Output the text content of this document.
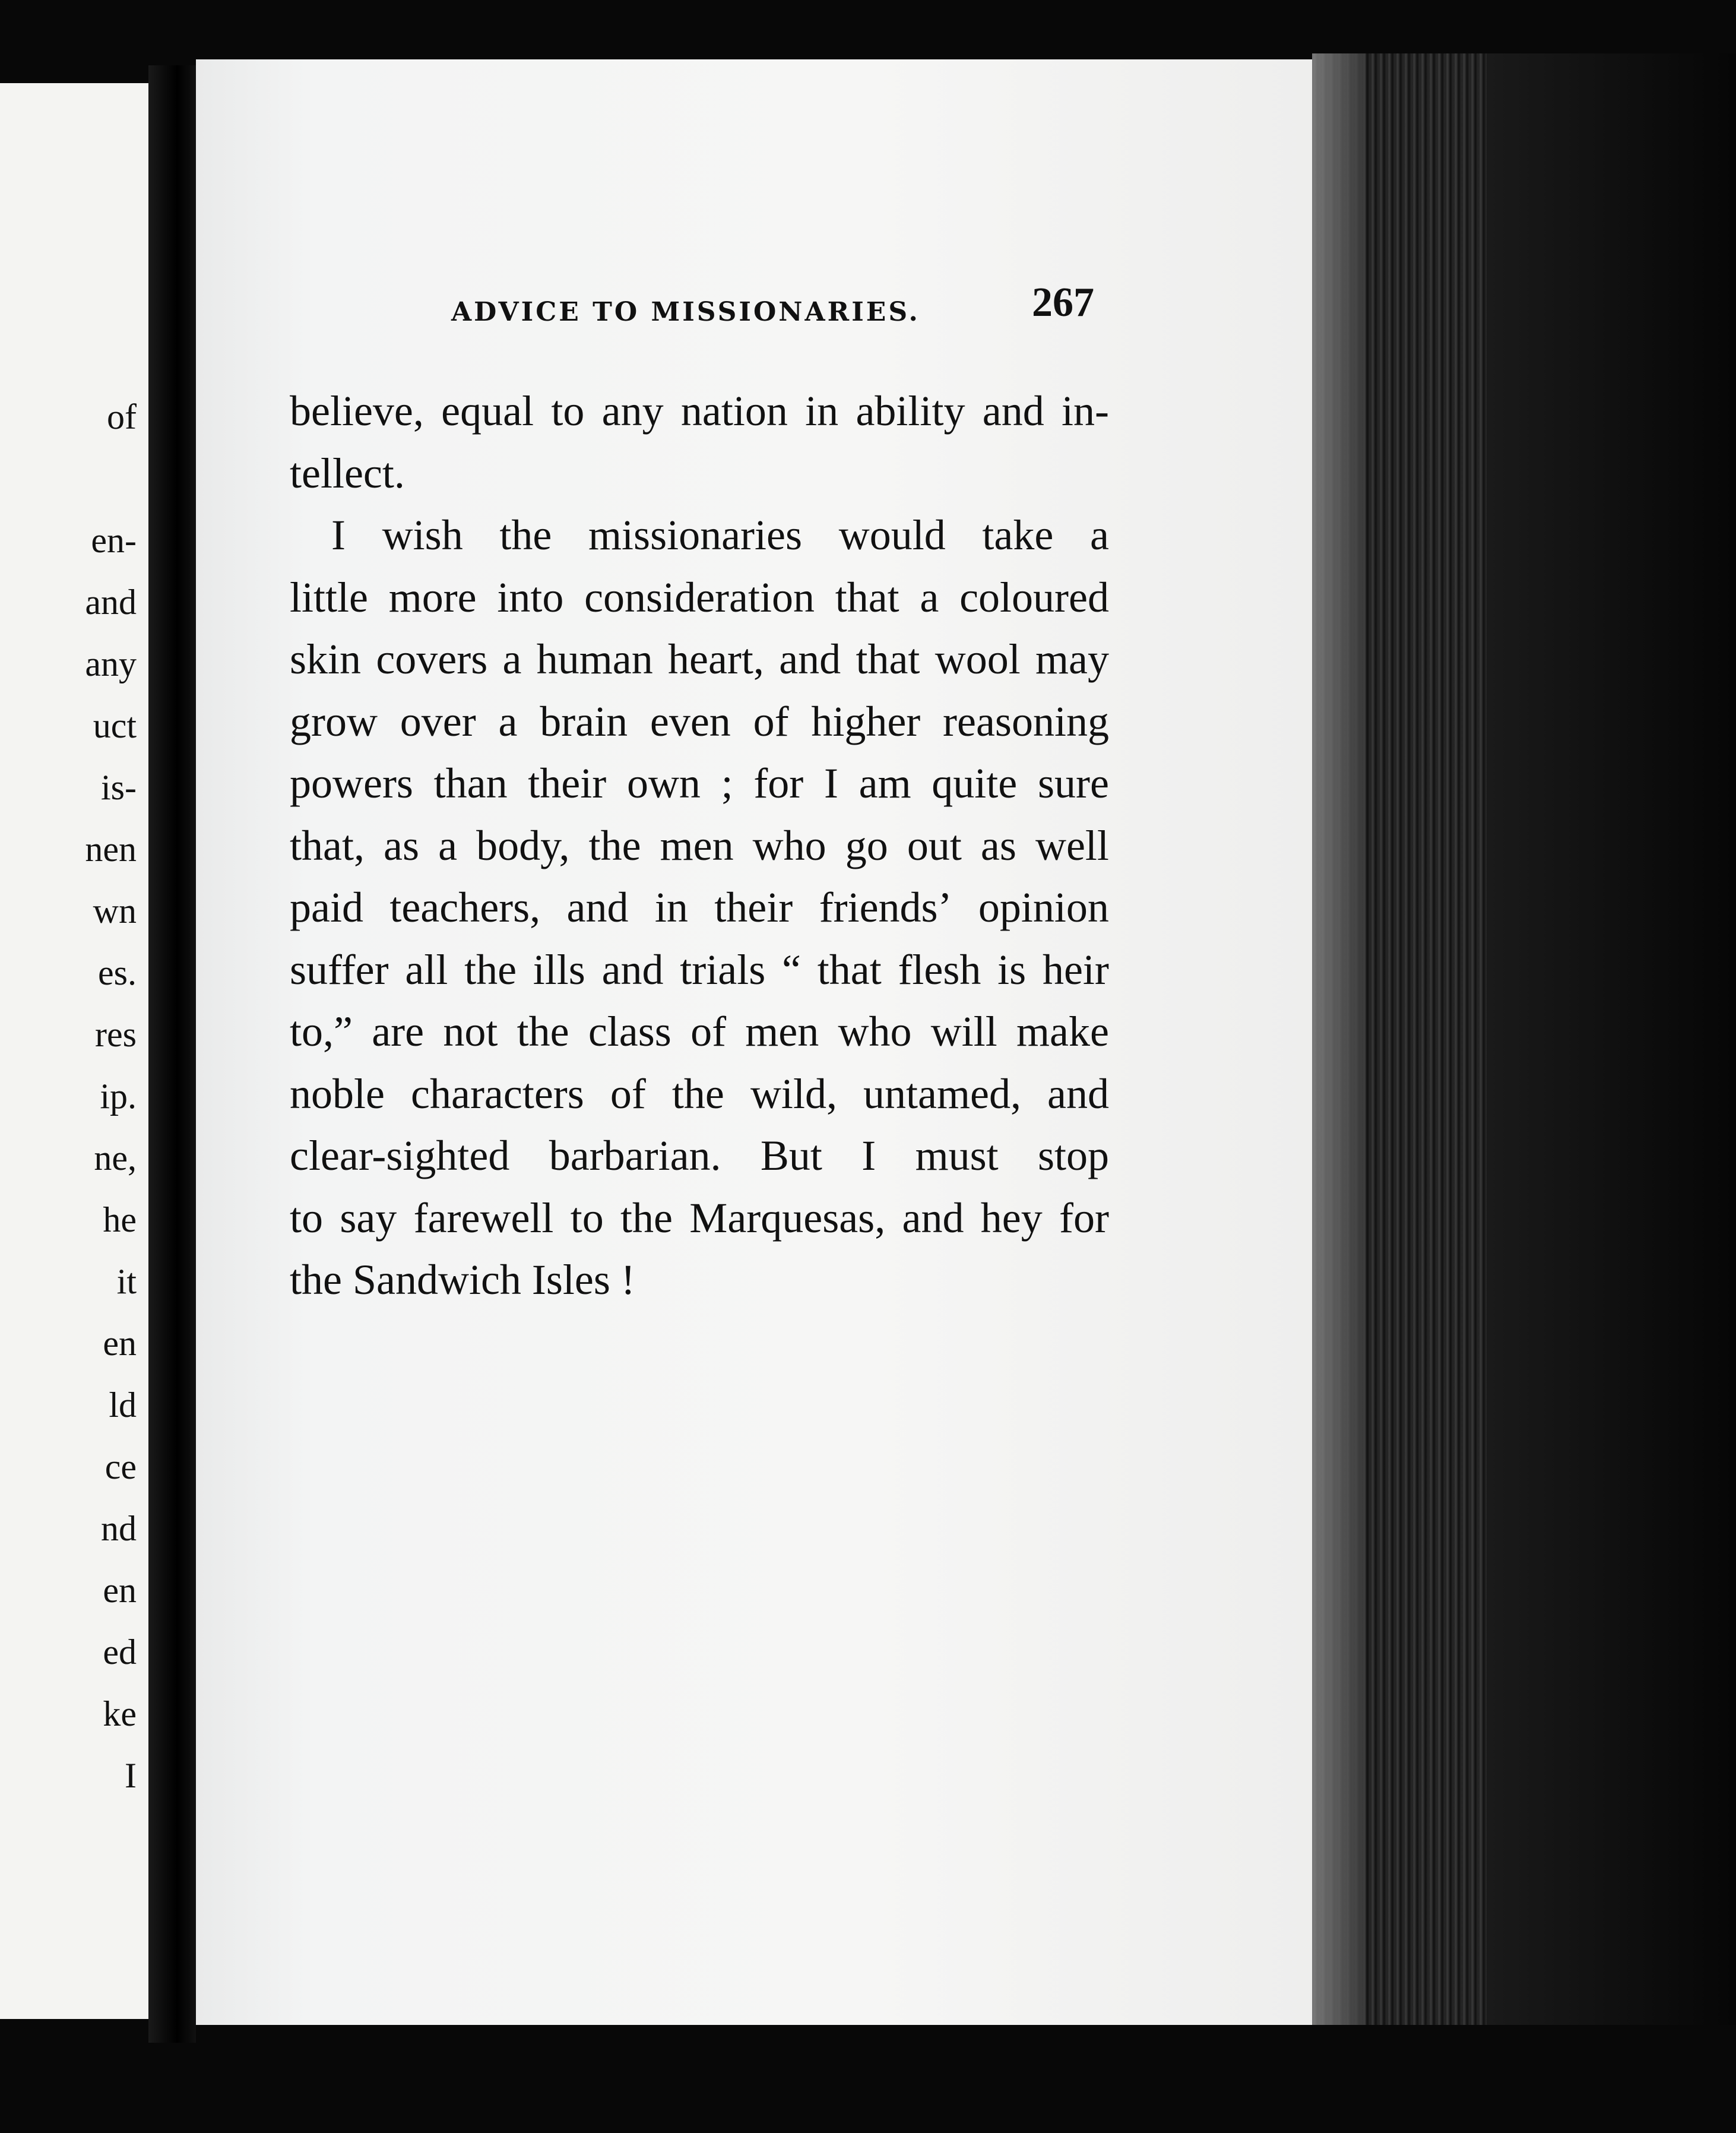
of

en-
and
any
uct
is-
nen
wn
es.
res
ip.
ne,
he
it
en
ld
ce
nd
en
ed
ke
I
ADVICE TO MISSIONARIES.	267
believe, equal to any nation in ability and in-
tellect.
I wish the missionaries would take a
little more into consideration that a coloured
skin covers a human heart, and that wool may
grow over a brain even of higher reasoning
powers than their own ; for I am quite sure
that, as a body, the men who go out as well
paid teachers, and in their friends’ opinion
suffer all the ills and trials “ that flesh is heir
to,” are not the class of men who will make
noble characters of the wild, untamed, and
clear-sighted barbarian. But I must stop
to say farewell to the Marquesas, and hey for
the Sandwich Isles !
